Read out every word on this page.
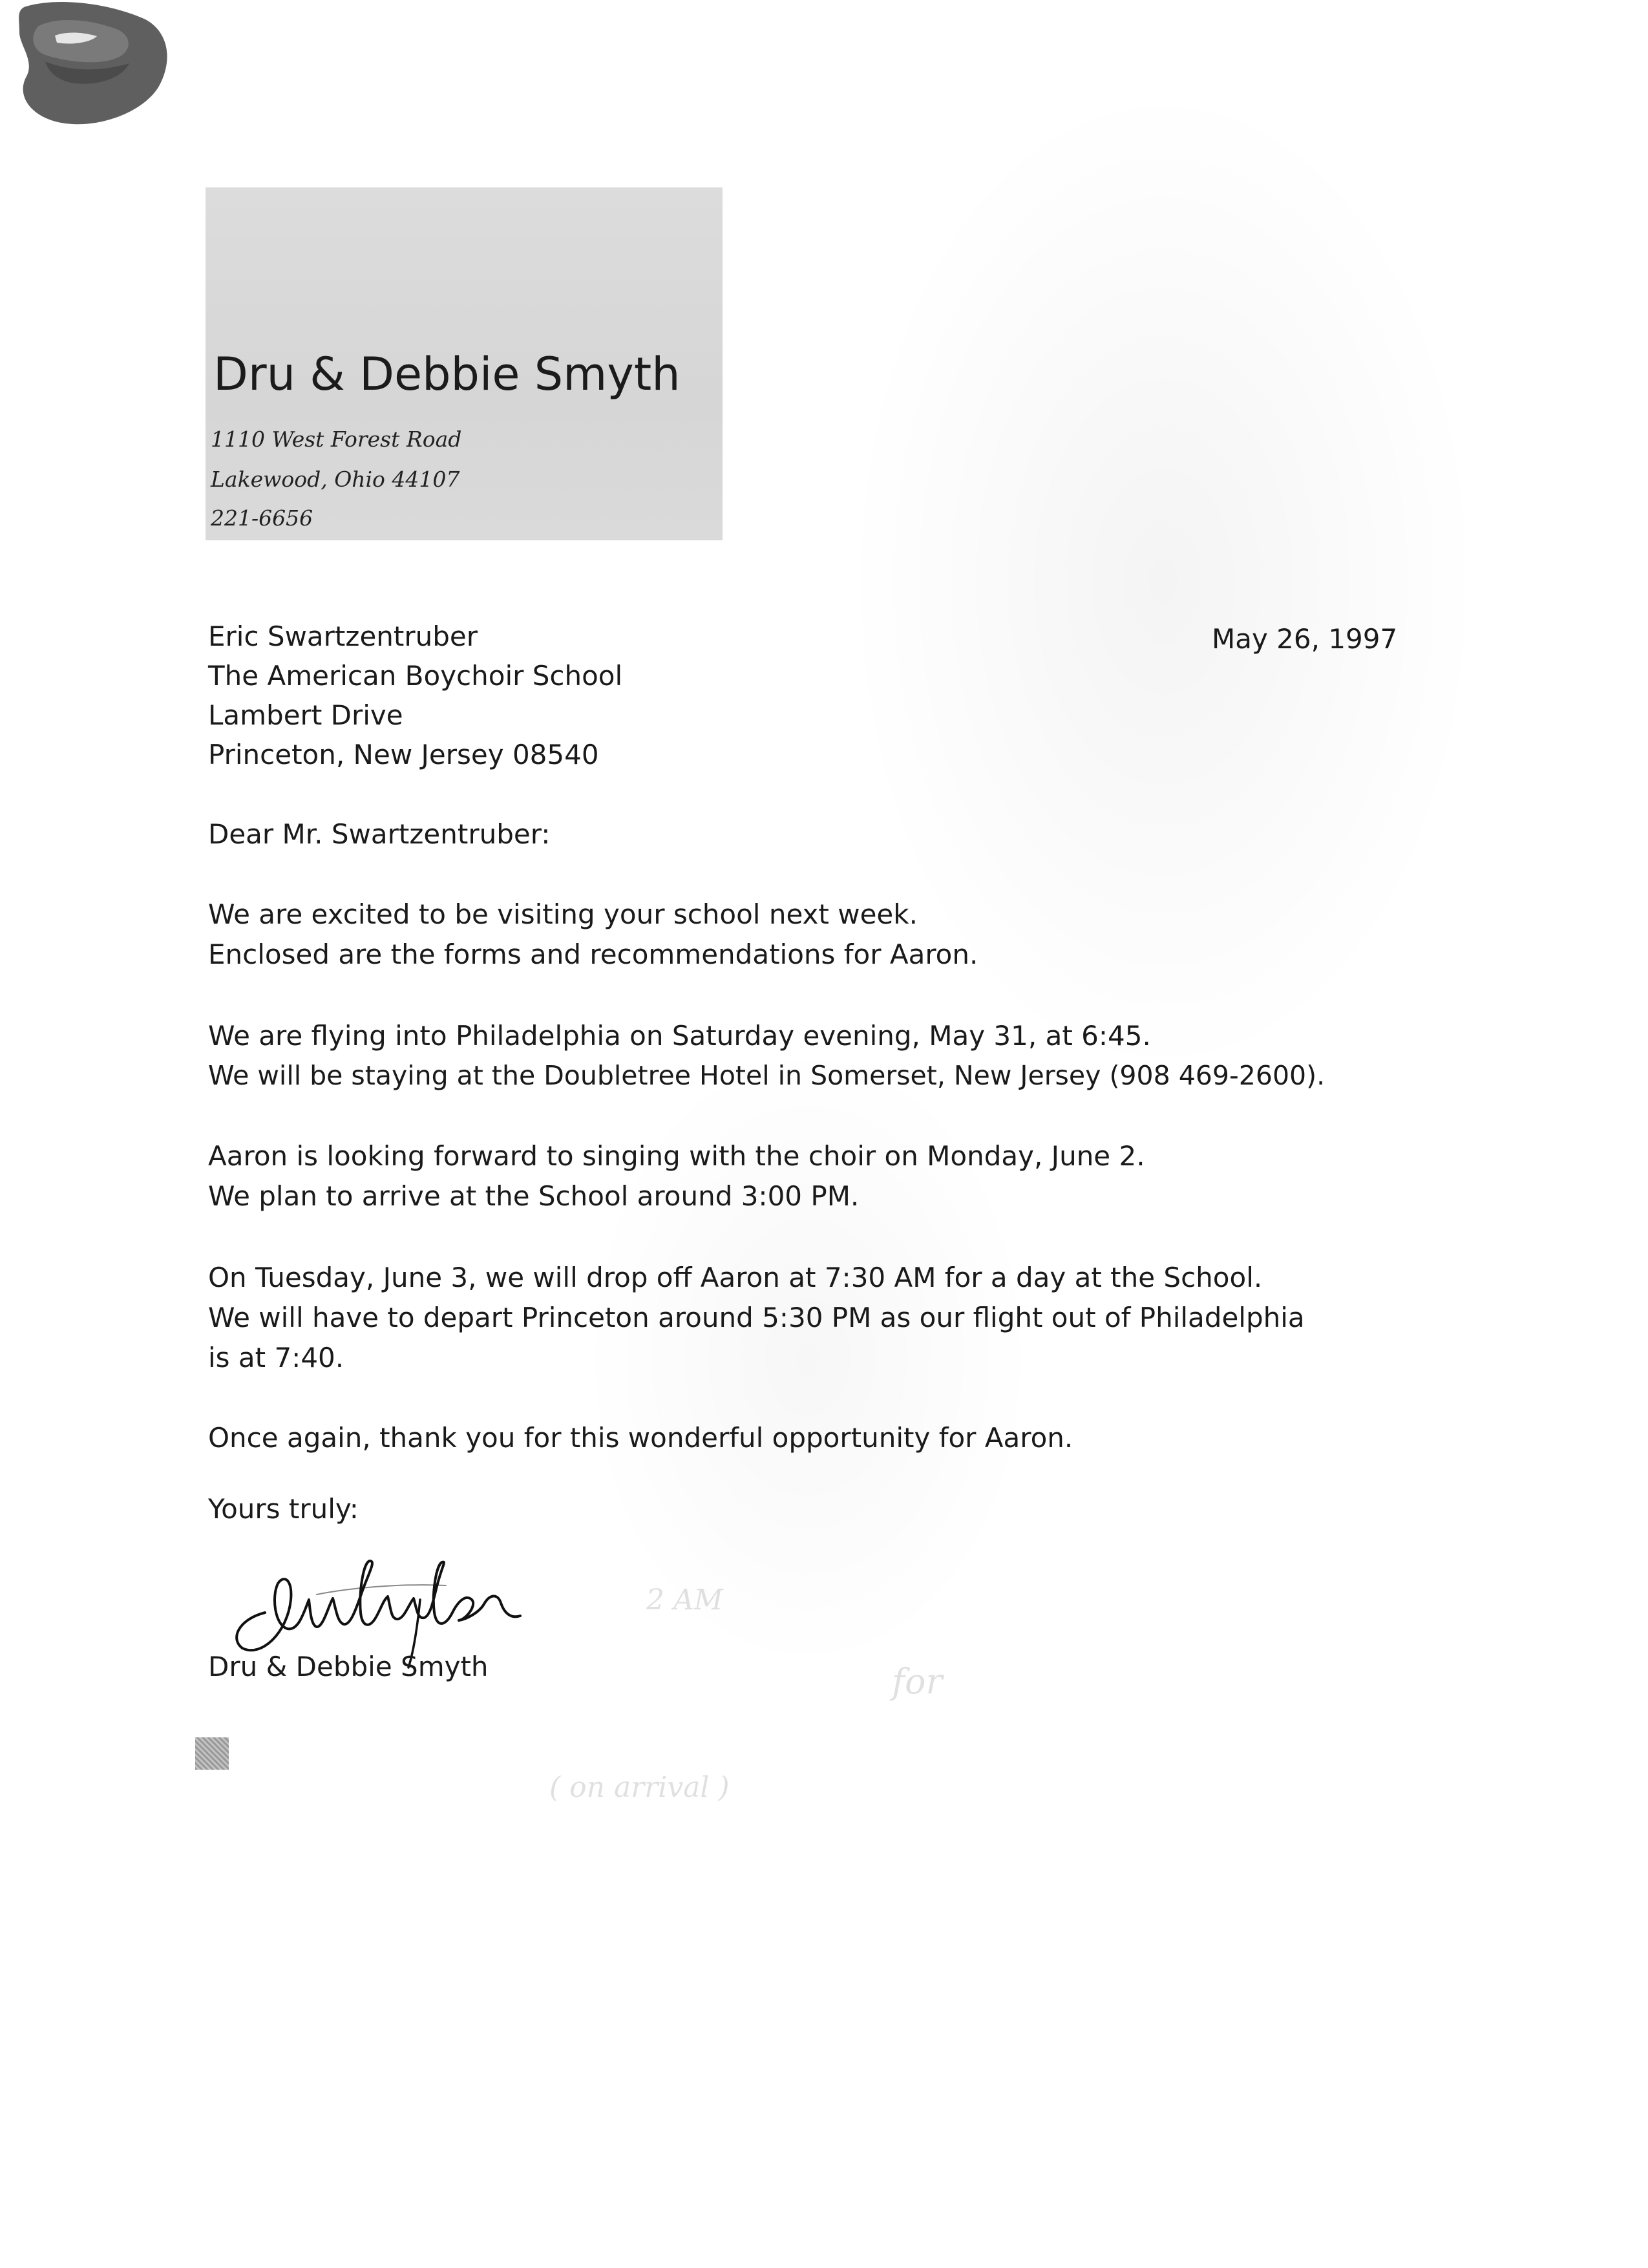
Dru & Debbie Smyth
1110 West Forest Road
Lakewood, Ohio 44107
221-6656
May 26, 1997
Eric Swartzentruber
The American Boychoir School
Lambert Drive
Princeton, New Jersey 08540
Dear Mr. Swartzentruber:
We are excited to be visiting your school next week.
Enclosed are the forms and recommendations for Aaron.
We are flying into Philadelphia on Saturday evening, May 31, at 6:45.
We will be staying at the Doubletree Hotel in Somerset, New Jersey (908 469-2600).
Aaron is looking forward to singing with the choir on Monday, June 2.
We plan to arrive at the School around 3:00 PM.
On Tuesday, June 3, we will drop off Aaron at 7:30 AM for a day at the School.
We will have to depart Princeton around 5:30 PM as our flight out of Philadelphia
is at 7:40.
Once again, thank you for this wonderful opportunity for Aaron.
Yours truly:
2 AM
for
( on arrival )
Dru & Debbie Smyth
